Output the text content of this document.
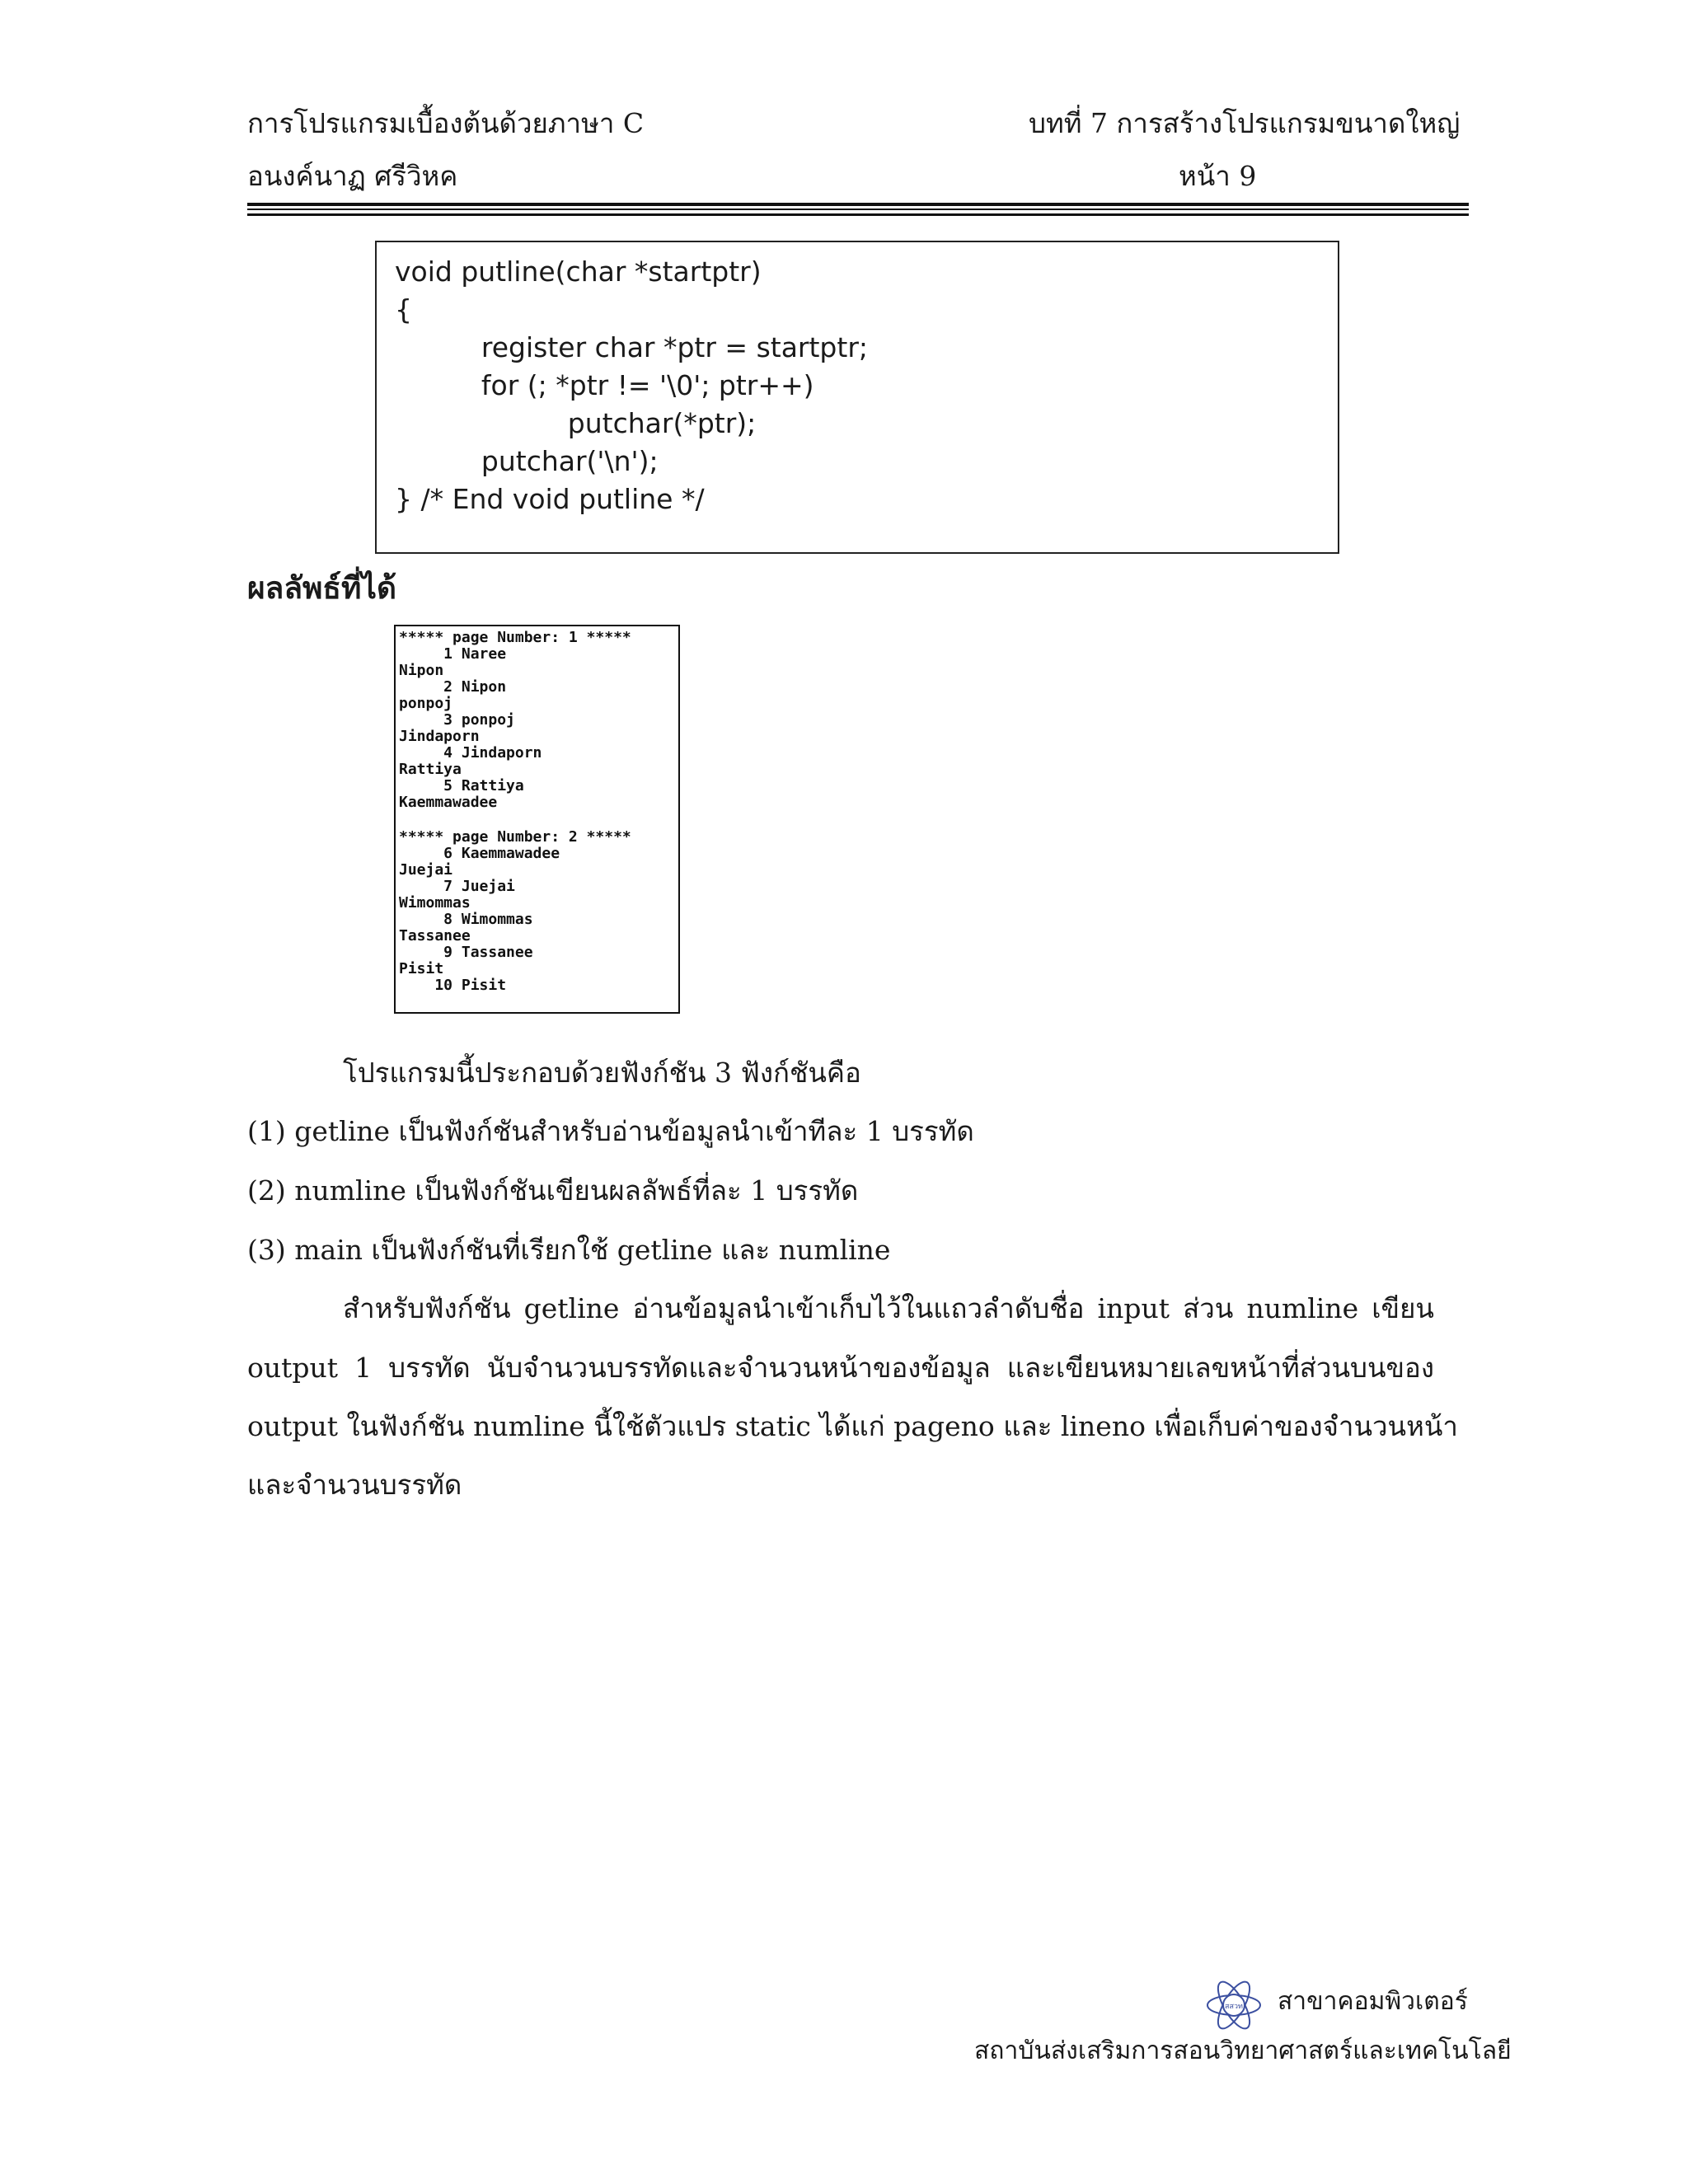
การโปรแกรมเบื้องต้นด้วยภาษา C
อนงค์นาฏ ศรีวิหค
บทที่ 7 การสร้างโปรแกรมขนาดใหญ่
หน้า 9
void putline(char *startptr)
{
register char *ptr = startptr;
for (; *ptr != '\0'; ptr++)
putchar(*ptr);
putchar('\n');
} /* End void putline */
ผลลัพธ์ที่ได้
***** page Number: 1 *****
1 Naree
Nipon
2 Nipon
ponpoj
3 ponpoj
Jindaporn
4 Jindaporn
Rattiya
5 Rattiya
Kaemmawadee
***** page Number: 2 *****
6 Kaemmawadee
Juejai
7 Juejai
Wimommas
8 Wimommas
Tassanee
9 Tassanee
Pisit
10 Pisit
โปรแกรมนี้ประกอบด้วยฟังก์ชัน 3 ฟังก์ชันคือ
(1) getline เป็นฟังก์ชันสำหรับอ่านข้อมูลนำเข้าทีละ 1 บรรทัด
(2) numline เป็นฟังก์ชันเขียนผลลัพธ์ที่ละ 1 บรรทัด
(3) main เป็นฟังก์ชันที่เรียกใช้ getline และ numline
สำหรับฟังก์ชัน getline อ่านข้อมูลนำเข้าเก็บไว้ในแถวลำดับชื่อ input ส่วน numline เขียน
output 1 บรรทัด นับจำนวนบรรทัดและจำนวนหน้าของข้อมูล และเขียนหมายเลขหน้าที่ส่วนบนของ
output ในฟังก์ชัน numline นี้ใช้ตัวแปร static ได้แก่ pageno และ lineno เพื่อเก็บค่าของจำนวนหน้า
และจำนวนบรรทัด
สสวท สาขาคอมพิวเตอร์
สถาบันส่งเสริมการสอนวิทยาศาสตร์และเทคโนโลยี
